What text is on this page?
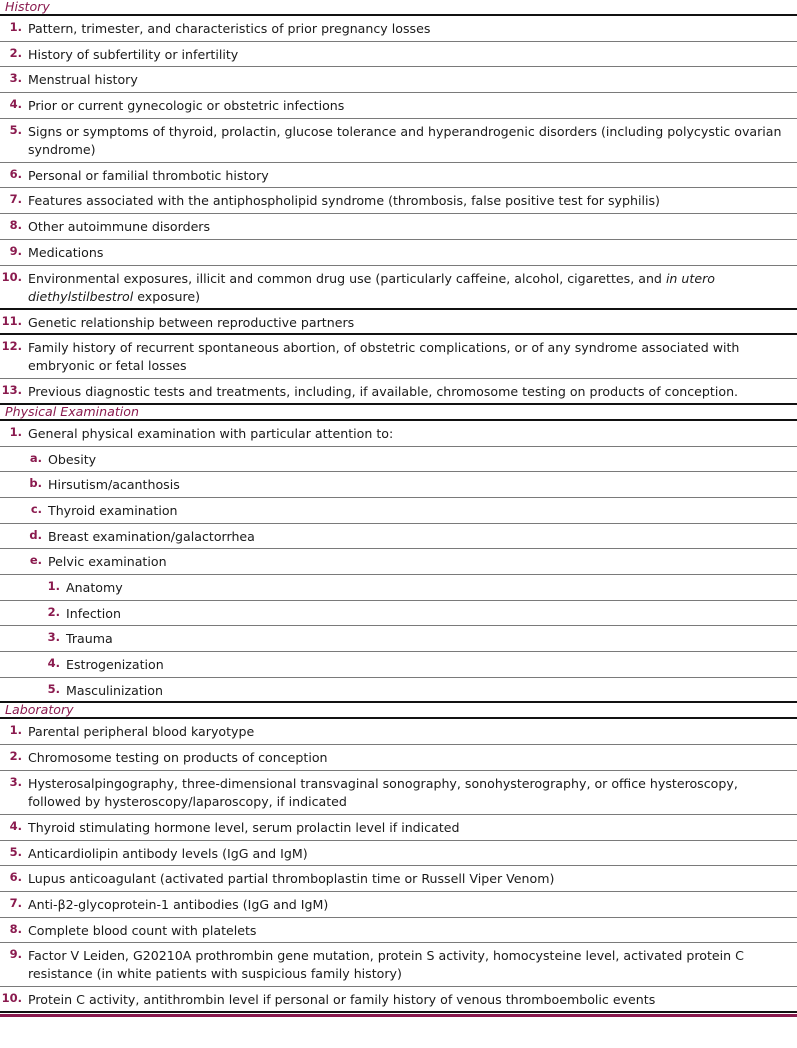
History
1. Pattern, trimester, and characteristics of prior pregnancy losses
2. History of subfertility or infertility
3. Menstrual history
4. Prior or current gynecologic or obstetric infections
5. Signs or symptoms of thyroid, prolactin, glucose tolerance and hyperandrogenic disorders (including polycystic ovarian syndrome)
6. Personal or familial thrombotic history
7. Features associated with the antiphospholipid syndrome (thrombosis, false positive test for syphilis)
8. Other autoimmune disorders
9. Medications
10. Environmental exposures, illicit and common drug use (particularly caffeine, alcohol, cigarettes, and in utero diethylstilbestrol exposure)
11. Genetic relationship between reproductive partners
12. Family history of recurrent spontaneous abortion, of obstetric complications, or of any syndrome associated with embryonic or fetal losses
13. Previous diagnostic tests and treatments, including, if available, chromosome testing on products of conception.
Physical Examination
1. General physical examination with particular attention to:
a. Obesity
b. Hirsutism/acanthosis
c. Thyroid examination
d. Breast examination/galactorrhea
e. Pelvic examination
1. Anatomy
2. Infection
3. Trauma
4. Estrogenization
5. Masculinization
Laboratory
1. Parental peripheral blood karyotype
2. Chromosome testing on products of conception
3. Hysterosalpingography, three-dimensional transvaginal sonography, sonohysterography, or office hysteroscopy, followed by hysteroscopy/laparoscopy, if indicated
4. Thyroid stimulating hormone level, serum prolactin level if indicated
5. Anticardiolipin antibody levels (IgG and IgM)
6. Lupus anticoagulant (activated partial thromboplastin time or Russell Viper Venom)
7. Anti-β2-glycoprotein-1 antibodies (IgG and IgM)
8. Complete blood count with platelets
9. Factor V Leiden, G20210A prothrombin gene mutation, protein S activity, homocysteine level, activated protein C resistance (in white patients with suspicious family history)
10. Protein C activity, antithrombin level if personal or family history of venous thromboembolic events
